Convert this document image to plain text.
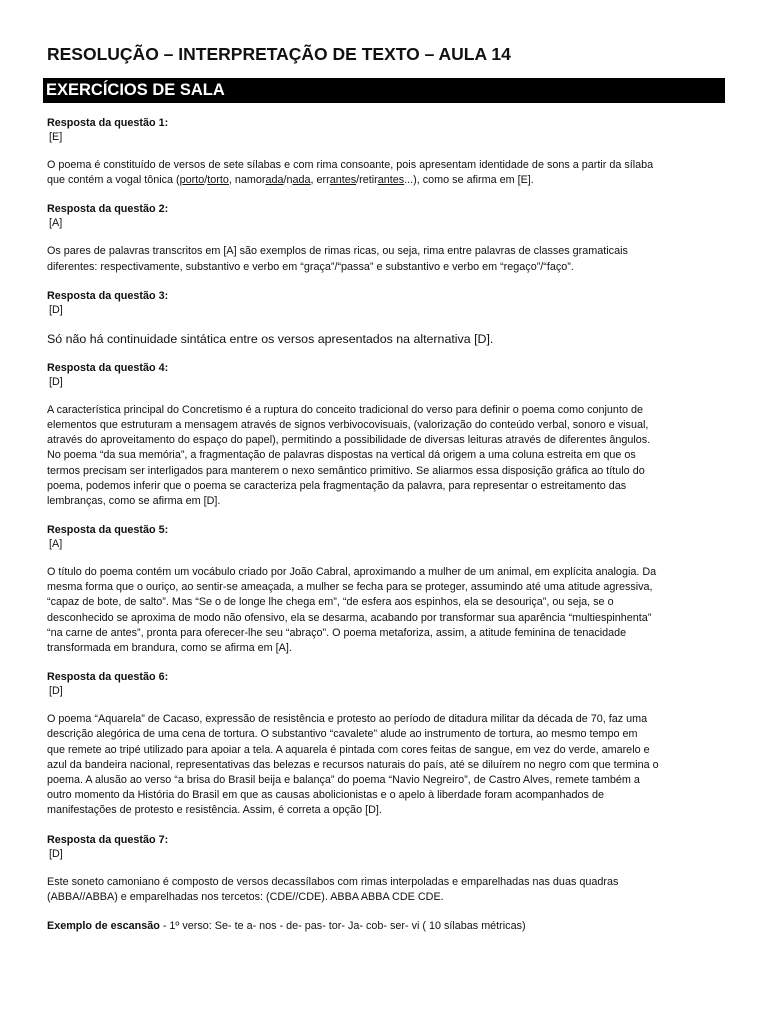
RESOLUÇÃO – INTERPRETAÇÃO DE TEXTO – AULA 14
EXERCÍCIOS DE SALA
Resposta da questão 1:
[E]
O poema é constituído de versos de sete sílabas e com rima consoante, pois apresentam identidade de sons a partir da sílaba
que contém a vogal tônica (porto/torto, namorada/nada, errantes/retirantes...), como se afirma em [E].
Resposta da questão 2:
[A]
Os pares de palavras transcritos em [A] são exemplos de rimas ricas, ou seja, rima entre palavras de classes gramaticais
diferentes: respectivamente, substantivo e verbo em “graça”/“passa” e substantivo e verbo em “regaço”/“faço”.
Resposta da questão 3:
[D]
Só não há continuidade sintática entre os versos apresentados na alternativa [D].
Resposta da questão 4:
[D]
A característica principal do Concretismo é a ruptura do conceito tradicional do verso para definir o poema como conjunto de
elementos que estruturam a mensagem através de signos verbivocovisuais, (valorização do conteúdo verbal, sonoro e visual,
através do aproveitamento do espaço do papel), permitindo a possibilidade de diversas leituras através de diferentes ângulos.
No poema “da sua memória”, a fragmentação de palavras dispostas na vertical dá origem a uma coluna estreita em que os
termos precisam ser interligados para manterem o nexo semântico primitivo. Se aliarmos essa disposição gráfica ao título do
poema, podemos inferir que o poema se caracteriza pela fragmentação da palavra, para representar o estreitamento das
lembranças, como se afirma em [D].
Resposta da questão 5:
[A]
O título do poema contém um vocábulo criado por João Cabral, aproximando a mulher de um animal, em explícita analogia. Da
mesma forma que o ouriço, ao sentir-se ameaçada, a mulher se fecha para se proteger, assumindo até uma atitude agressiva,
“capaz de bote, de salto”. Mas “Se o de longe lhe chega em”, “de esfera aos espinhos, ela se desouriça”, ou seja, se o
desconhecido se aproxima de modo não ofensivo, ela se desarma, acabando por transformar sua aparência “multiespinhenta”
“na carne de antes”, pronta para oferecer-lhe seu “abraço”. O poema metaforiza, assim, a atitude feminina de tenacidade
transformada em brandura, como se afirma em [A].
Resposta da questão 6:
[D]
O poema “Aquarela” de Cacaso, expressão de resistência e protesto ao período de ditadura militar da década de 70, faz uma
descrição alegórica de uma cena de tortura. O substantivo “cavalete” alude ao instrumento de tortura, ao mesmo tempo em
que remete ao tripé utilizado para apoiar a tela. A aquarela é pintada com cores feitas de sangue, em vez do verde, amarelo e
azul da bandeira nacional, representativas das belezas e recursos naturais do país, até se diluírem no negro com que termina o
poema. A alusão ao verso “a brisa do Brasil beija e balança” do poema “Navio Negreiro”, de Castro Alves, remete também a
outro momento da História do Brasil em que as causas abolicionistas e o apelo à liberdade foram acompanhados de
manifestações de protesto e resistência. Assim, é correta a opção [D].
Resposta da questão 7:
[D]
Este soneto camoniano é composto de versos decassílabos com rimas interpoladas e emparelhadas nas duas quadras
(ABBA//ABBA) e emparelhadas nos tercetos: (CDE//CDE). ABBA ABBA CDE CDE.
Exemplo de escansão - 1º verso: Se- te a- nos - de- pas- tor- Ja- cob- ser- vi ( 10 sílabas métricas)
